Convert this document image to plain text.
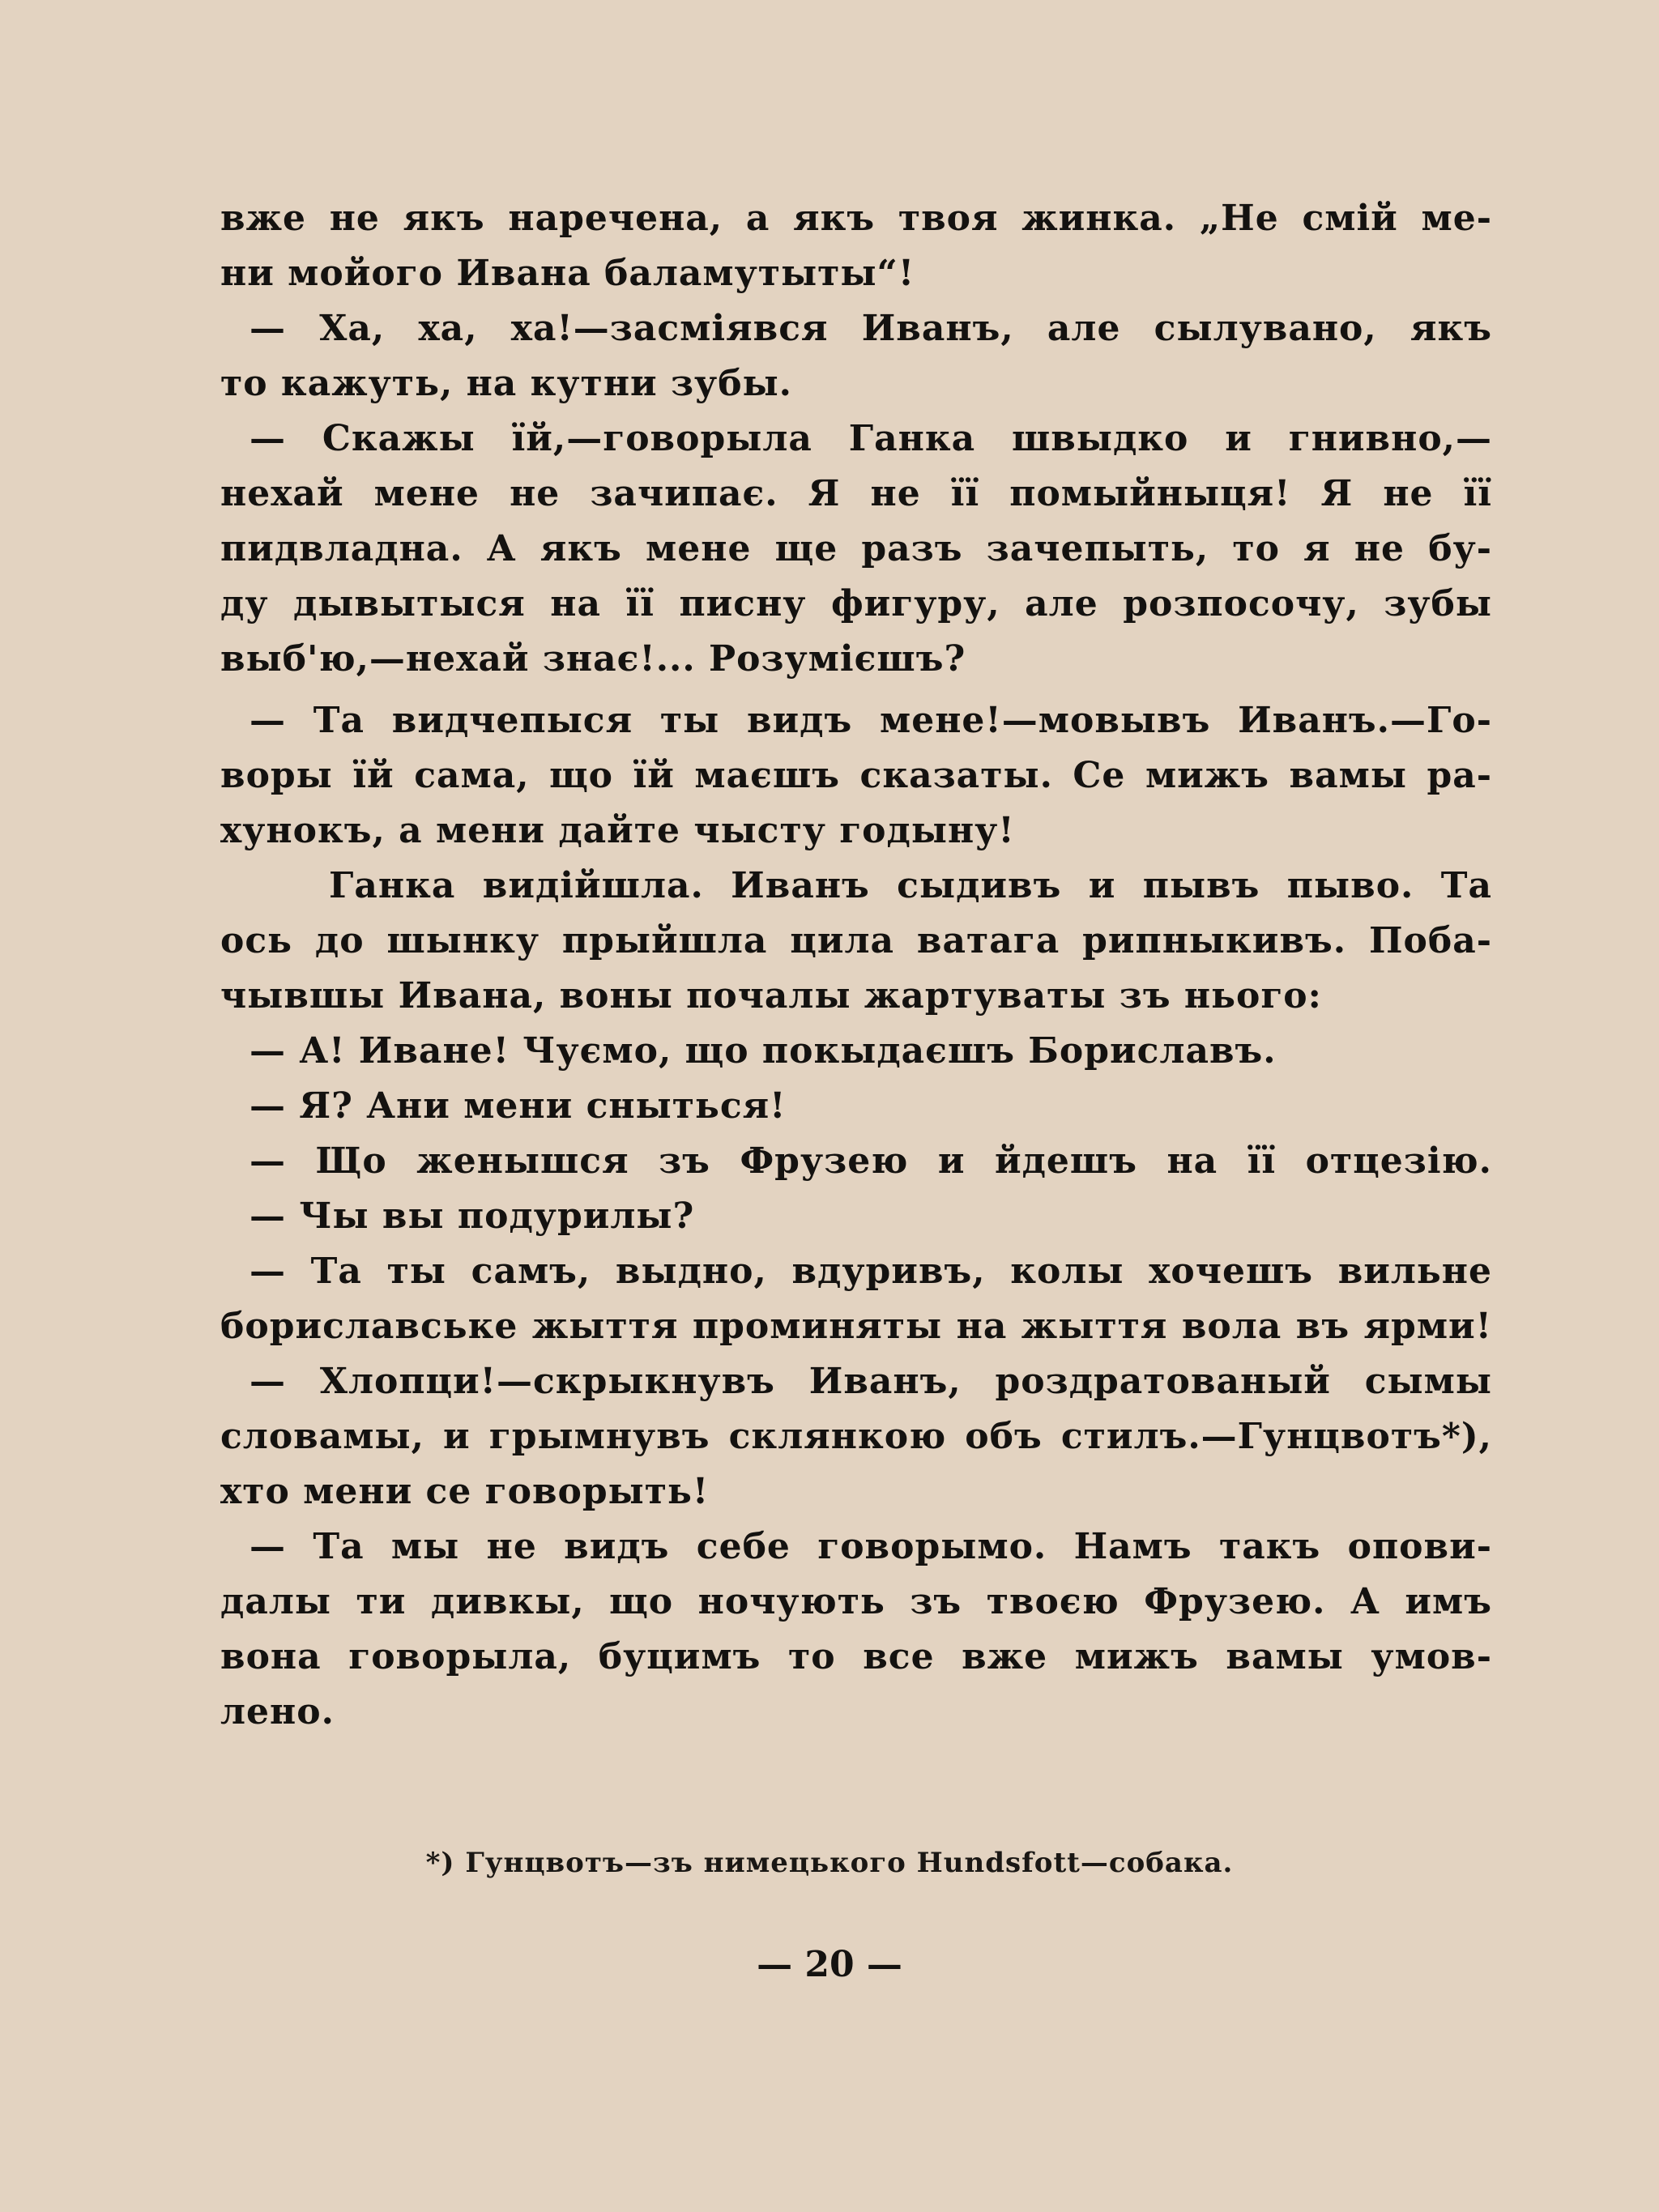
вже не якъ наречена, а якъ твоя жинка. „Не смій ме-
ни мойого Ивана баламутыты“!
— Ха, ха, ха!—засміявся Иванъ, але сылувано, якъ
то кажуть, на кутни зубы.
— Скажы їй,—говорыла Ганка швыдко и гнивно,—
нехай мене не зачипає. Я не її помыйныця! Я не її
пидвладна. А якъ мене ще разъ зачепыть, то я не бу-
ду дывытыся на її писну фигуру, але розпосочу, зубы
выб'ю,—нехай знає!... Розумієшъ?
— Та видчепыся ты видъ мене!—мовывъ Иванъ.—Го-
воры їй сама, що їй маєшъ сказаты. Се мижъ вамы ра-
хунокъ, а мени дайте чысту годыну!
Ганка видійшла. Иванъ сыдивъ и пывъ пыво. Та
ось до шынку прыйшла цила ватага рипныкивъ. Поба-
чывшы Ивана, воны почалы жартуваты зъ нього:
— А! Иване! Чуємо, що покыдаєшъ Бориславъ.
— Я? Ани мени снытьcя!
— Що женышся зъ Фрузею и йдешъ на її отцезію.
— Чы вы подурилы?
— Та ты самъ, выдно, вдуривъ, колы хочешъ вильне
бориславське жыття проминяты на жыття вола въ ярми!
— Хлопци!—скрыкнувъ Иванъ, роздратованый сымы
словамы, и грымнувъ склянкою объ стилъ.—Гунцвотъ*),
хто мени се говорыть!
— Та мы не видъ себе говорымо. Намъ такъ опови-
далы ти дивкы, що ночують зъ твоєю Фрузею. А имъ
вона говорыла, буцимъ то все вже мижъ вамы умов-
лено.
*) Гунцвотъ—зъ нимецького Hundsfott—собака.
— 20 —
